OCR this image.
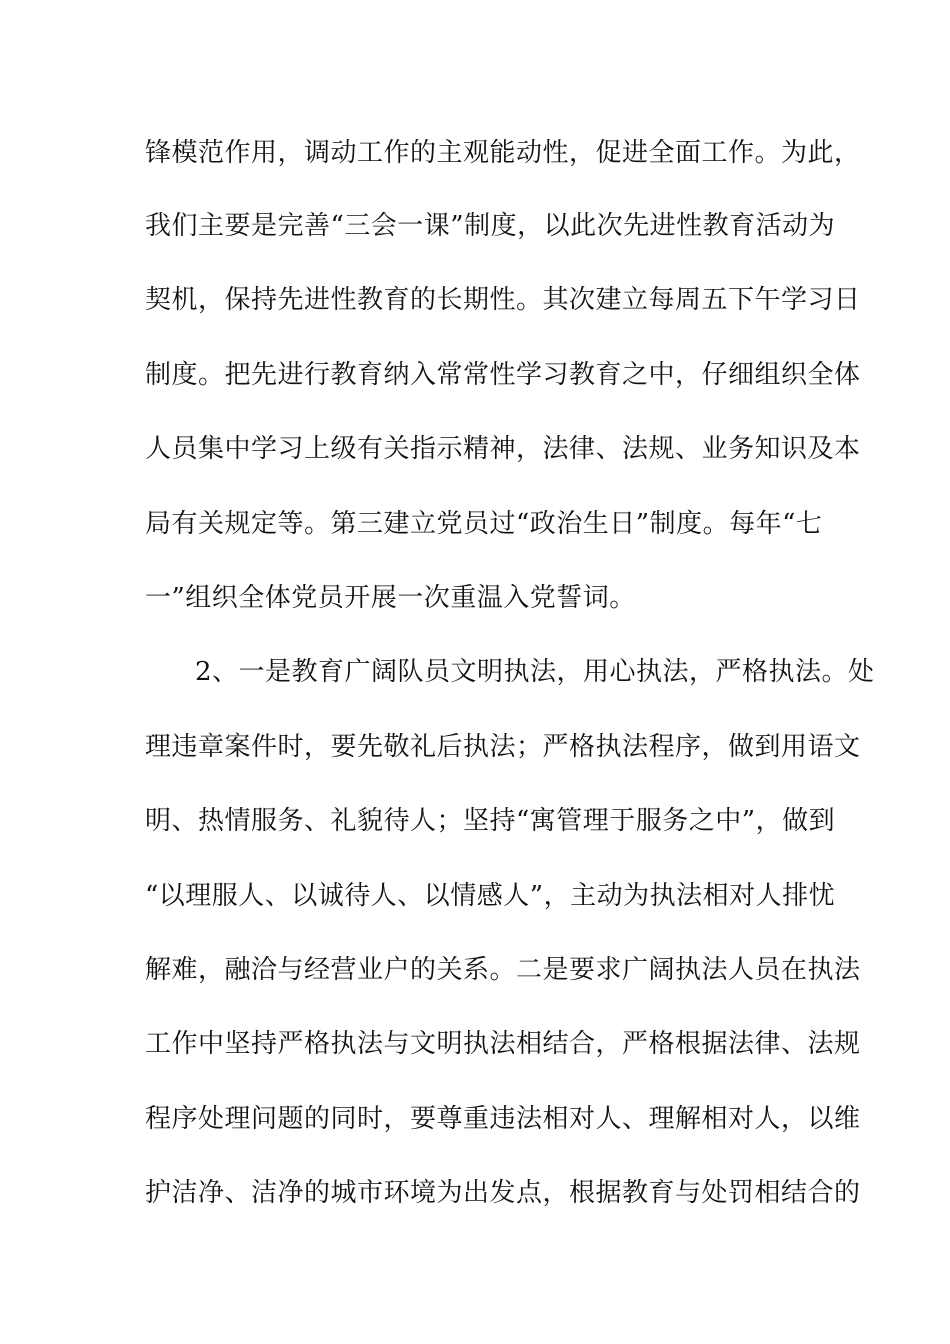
锋模范作用，调动工作的主观能动性，促进全面工作。为此，
我们主要是完善“三会一课”制度，以此次先进性教育活动为
契机，保持先进性教育的长期性。其次建立每周五下午学习日
制度。把先进行教育纳入常常性学习教育之中，仔细组织全体
人员集中学习上级有关指示精神，法律、法规、业务知识及本
局有关规定等。第三建立党员过“政治生日”制度。每年“七
一”组织全体党员开展一次重温入党誓词。
2、一是教育广阔队员文明执法，用心执法，严格执法。处
理违章案件时，要先敬礼后执法；严格执法程序，做到用语文
明、热情服务、礼貌待人；坚持“寓管理于服务之中”，做到
“以理服人、以诚待人、以情感人”，主动为执法相对人排忧
解难，融洽与经营业户的关系。二是要求广阔执法人员在执法
工作中坚持严格执法与文明执法相结合，严格根据法律、法规
程序处理问题的同时，要尊重违法相对人、理解相对人，以维
护洁净、洁净的城市环境为出发点，根据教育与处罚相结合的
